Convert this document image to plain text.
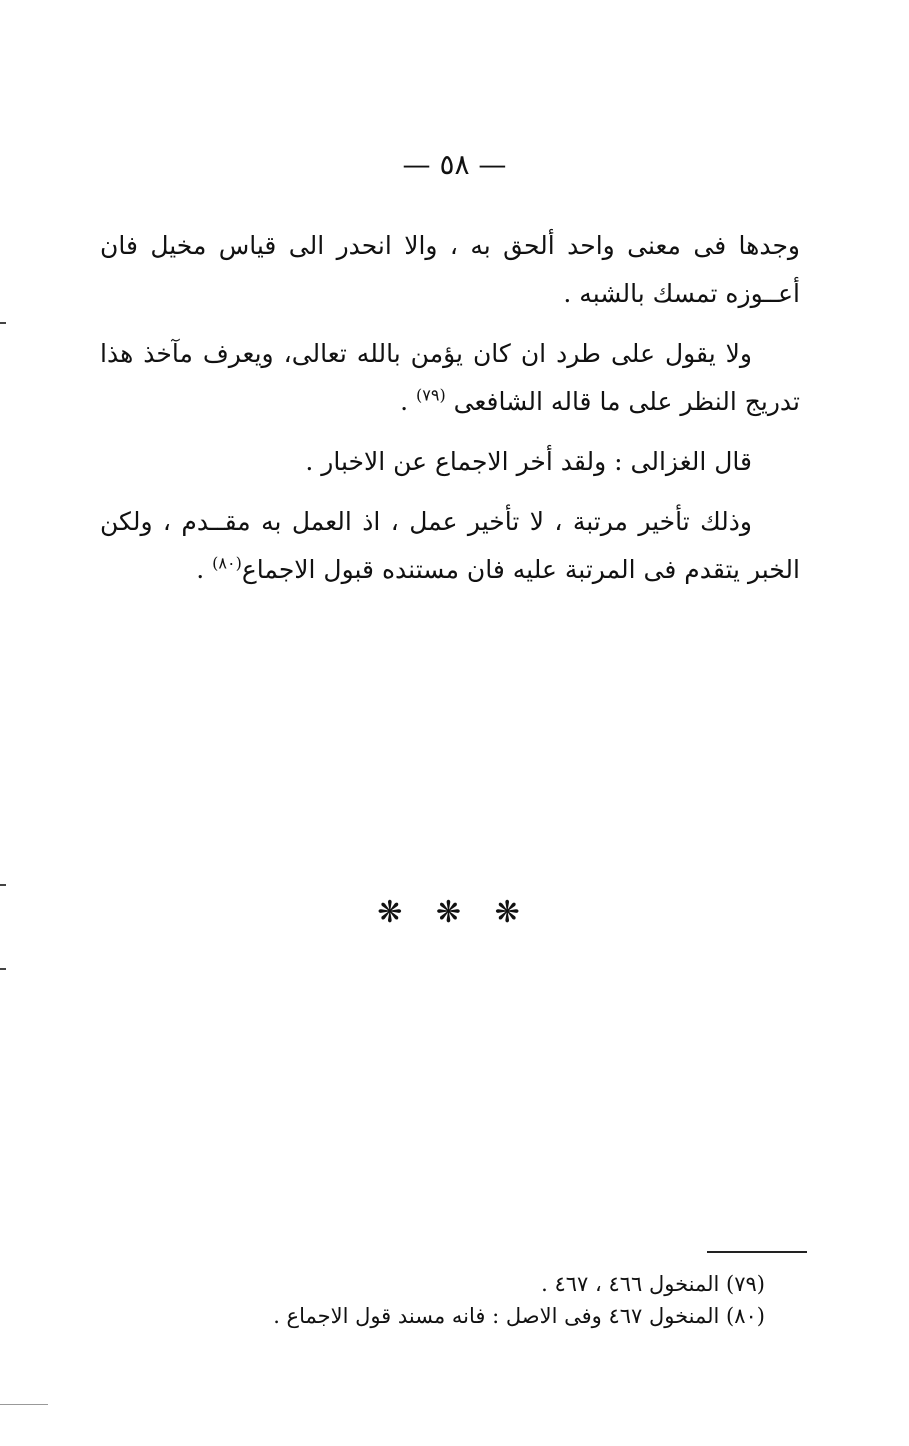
— ٥٨ —

وجدها فى معنى واحد ألحق به ، والا انحدر الى قياس مخيل فان أعــوزه تمسك بالشبه .

ولا يقول على طرد ان كان يؤمن بالله تعالى، ويعرف مآخذ هذا تدريج النظر على ما قاله الشافعى $^{(٧٩)}$ .

قال الغزالى : ولقد أخر الاجماع عن الاخبار .

وذلك تأخير مرتبة ، لا تأخير عمل ، اذ العمل به مقــدم ، ولكن الخبر يتقدم فى المرتبة عليه فان مستنده قبول الاجماع$^{(٨٠)}$ .

❋ ❋ ❋

(٧٩) المنخول ٤٦٦ ، ٤٦٧ .

(٨٠) المنخول ٤٦٧ وفى الاصل : فانه مسند قول الاجماع .
